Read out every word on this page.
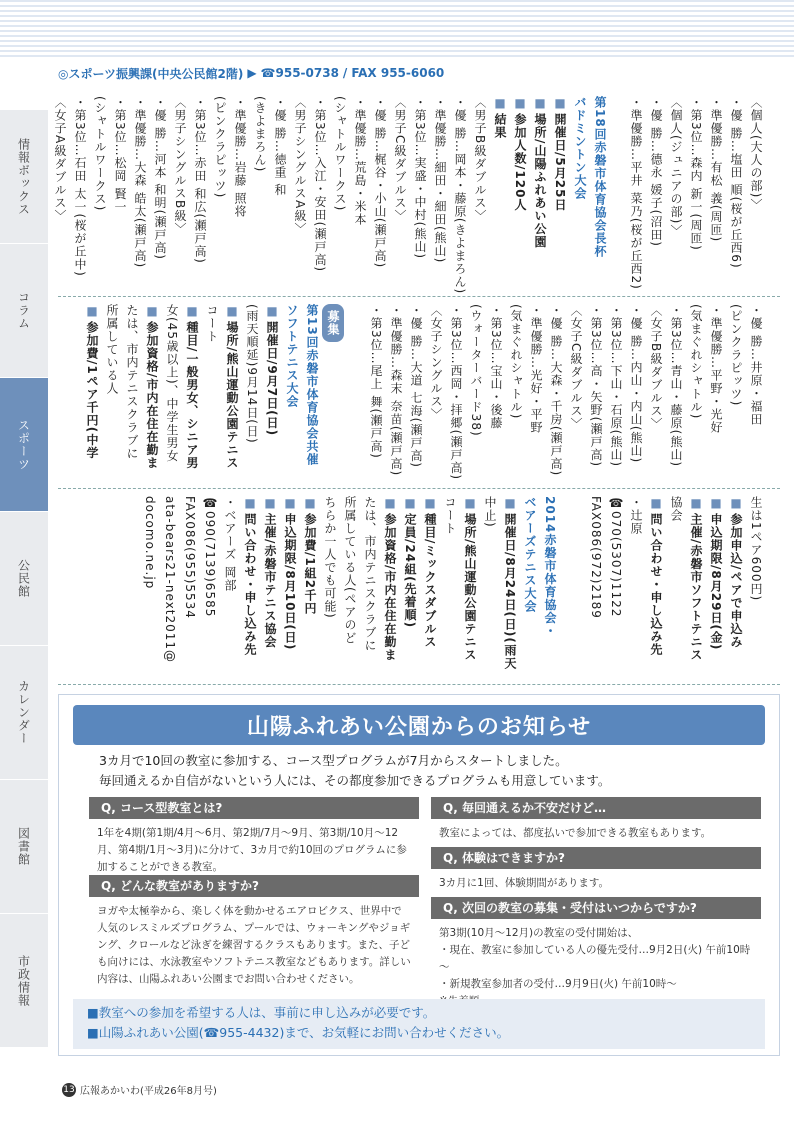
◎スポーツ振興課(中央公民館2階) ▶ ☎955-0738 / FAX 955-6060
情報ボックス
コラム
スポーツ
公民館
カレンダー
図書館
市政情報

〈個人(大人の部)〉

・優 勝…塩田 順(桜が丘西6)

・準優勝…有松 義(周匝)

・第3位…森内 新一(周匝)

〈個人(ジュニアの部)〉

・優 勝…德永 媛子(沼田)

・準優勝…平井 菜乃(桜が丘西2)

第18回赤磐市体育協会長杯

バドミントン大会

■ 開催日/5月25日

■ 場所/山陽ふれあい公園

■ 参加人数/120人

■ 結果

〈男子B級ダブルス〉

・優 勝…岡本・藤原(きよまろん)

・準優勝…細田・細田(熊山)

・第3位…実盛・中村(熊山)

〈男子C級ダブルス〉

・優 勝…梶谷・小山(瀬戸高)

・準優勝…荒島・米本

(シャトルワークス)

・第3位…入江・安田(瀬戸高)

〈男子シングルスA級〉

・優 勝…徳重 和

(きよまろん)

・準優勝…岩藤 照将

(ピンクラピッツ)

・第3位…赤田 和広(瀬戸高)

〈男子シングルスB級〉

・優 勝…河本 和明(瀬戸高)

・準優勝…大森 皓太(瀬戸高)

・第3位…松岡 賢一

(シャトルワークス)

・第3位…石田 太一(桜が丘中)

〈女子A級ダブルス〉

・優 勝…井原・福田

(ピンクラピッツ)

・準優勝…平野・光好

(気まぐれシャトル)

・第3位…青山・藤原(熊山)

〈女子B級ダブルス〉

・優 勝…内山・内山(熊山)

・第3位…下山・石原(熊山)

・第3位…高・矢野(瀬戸高)

〈女子C級ダブルス〉

・優 勝…大森・千房(瀬戸高)

・準優勝…光好・平野

(気まぐれシャトル)

・第3位…宝山・後藤

(ウォーターバード38)

・第3位…西岡・拝郷(瀬戸高)

〈女子シングルス〉

・優 勝…大道 七海(瀬戸高)

・準優勝…森末 奈苗(瀬戸高)

・第3位…尾上 舞(瀬戸高)

募集

第13回赤磐市体育協会共催

ソフトテニス大会

■ 開催日/9月7日(日)

(雨天順延)9月14日(日)

■ 場所/熊山運動公園テニス

コート

■ 種目/一般男女、シニア男

女(45歳以上)、中学生男女

■ 参加資格/市内在住在勤ま

たは、市内テニスクラブに

所属している人

■ 参加費/1ペア千円(中学

生は1ペア600円)

■ 参加申込/ペアで申込み

■ 申込期限/8月29日(金)

■ 主催/赤磐市ソフトテニス

協会

■ 問い合わせ・申し込み先

・辻原

☎070(5307)1122

FAX086(972)2189

2014赤磐市体育協会・

ベアーズテニス大会

■ 開催日/8月24日(日)(雨天

中止)

■ 場所/熊山運動公園テニス

コート

■ 種目/ミックスダブルス

■ 定員/24組(先着順)

■ 参加資格/市内在住在勤ま

たは、市内テニスクラブに

所属している人(ペアのど

ちらか一人でも可能)

■ 参加費/1組2千円

■ 申込期限/8月10日(日)

■ 主催/赤磐市テニス協会

■ 問い合わせ・申し込み先

・ベアーズ 岡部

☎090(7139)6585

FAX086(955)5534

ata-bears21-next2011@

docomo.ne.jp

山陽ふれあい公園からのお知らせ

3カ月で10回の教室に参加する、コース型プログラムが7月からスタートしました。

毎回通えるか自信がないという人には、その都度参加できるプログラムも用意しています。

Q, コース型教室とは?

1年を4期(第1期/4月～6月、第2期/7月～9月、第3期/10月～12月、第4期/1月～3月)に分けて、3カ月で約10回のプログラムに参加することができる教室。

Q, どんな教室がありますか?

ヨガや太極拳から、楽しく体を動かせるエアロビクス、世界中で人気のレスミルズプログラム、プールでは、ウォーキングやジョギング、クロールなど泳ぎを練習するクラスもあります。また、子ども向けには、水泳教室やソフトテニス教室などもあります。詳しい内容は、山陽ふれあい公園までお問い合わせください。

Q, 毎回通えるか不安だけど…

教室によっては、都度払いで参加できる教室もあります。

Q, 体験はできますか?

3カ月に1回、体験期間があります。

Q, 次回の教室の募集・受付はいつからですか?

第3期(10月～12月)の教室の受付開始は、

・現在、教室に参加している人の優先受付…9月2日(火) 午前10時～

・新規教室参加者の受付…9月9日(火) 午前10時～

■教室への参加を希望する人は、事前に申し込みが必要です。

■山陽ふれあい公園(☎955-4432)まで、お気軽にお問い合わせください。

13 広報あかいわ(平成26年8月号)
